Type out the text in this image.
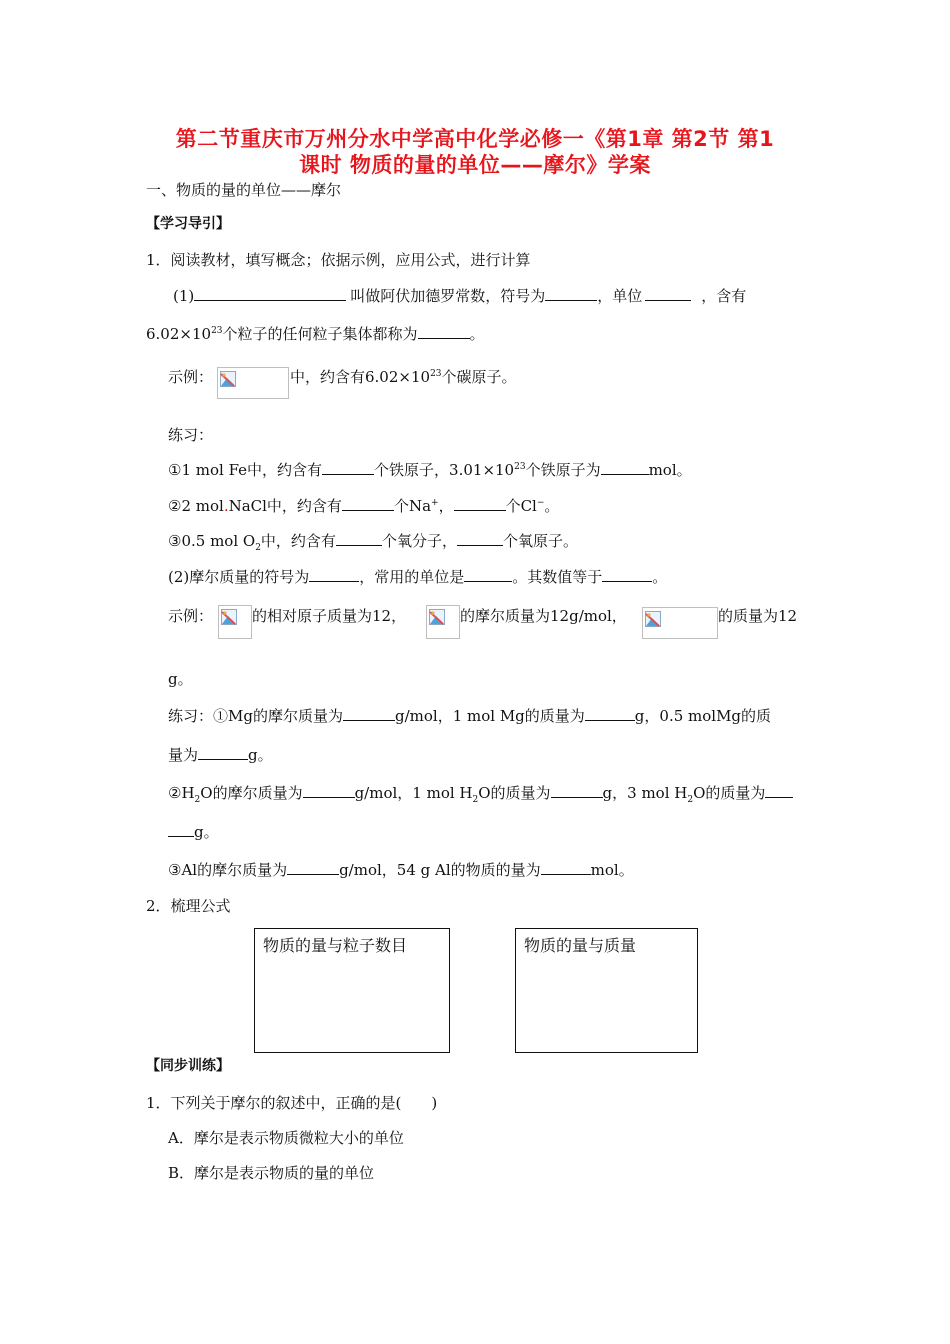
第二节重庆市万州分水中学高中化学必修一《第1章 第2节 第1
课时 物质的量的单位——摩尔》学案
一、物质的量的单位——摩尔
【学习导引】
1．阅读教材，填写概念；依据示例，应用公式，进行计算
(1)	叫做阿伏加德罗常数，符号为	，单位	，含有
$6.02\times 10^{23}$个粒子的任何粒子集体都称为	。
示例：	中，约含有$6.02\times 10^{23}$个碳原子。
练习：
①1 mol Fe中，约含有	个铁原子，$3.01\times 10^{23}$个铁原子为	mol。
②2 mol.NaCl中，约含有	个Na+，	个Cl−。
③0.5 mol $O_2$中，约含有	个氧分子，	个氧原子。
(2)摩尔质量的符号为	，常用的单位是	。其数值等于	。
示例：	的相对原子质量为12，	的摩尔质量为12g/mol，	的质量为12
g。
练习：①Mg的摩尔质量为	g/mol，1 mol Mg的质量为	g，0.5 molMg的质
量为	g。
$②H_2O$的摩尔质量为	g/mol，1 mol $H_2O$的质量为	g，3 mol $H_2O$的质量为
g。
③Al的摩尔质量为	g/mol，54 g Al的物质的量为	mol。
2．梳理公式
物质的量与粒子数目	物质的量与质量
【同步训练】
1．下列关于摩尔的叙述中，正确的是(　　)
A．摩尔是表示物质微粒大小的单位
B．摩尔是表示物质的量的单位
